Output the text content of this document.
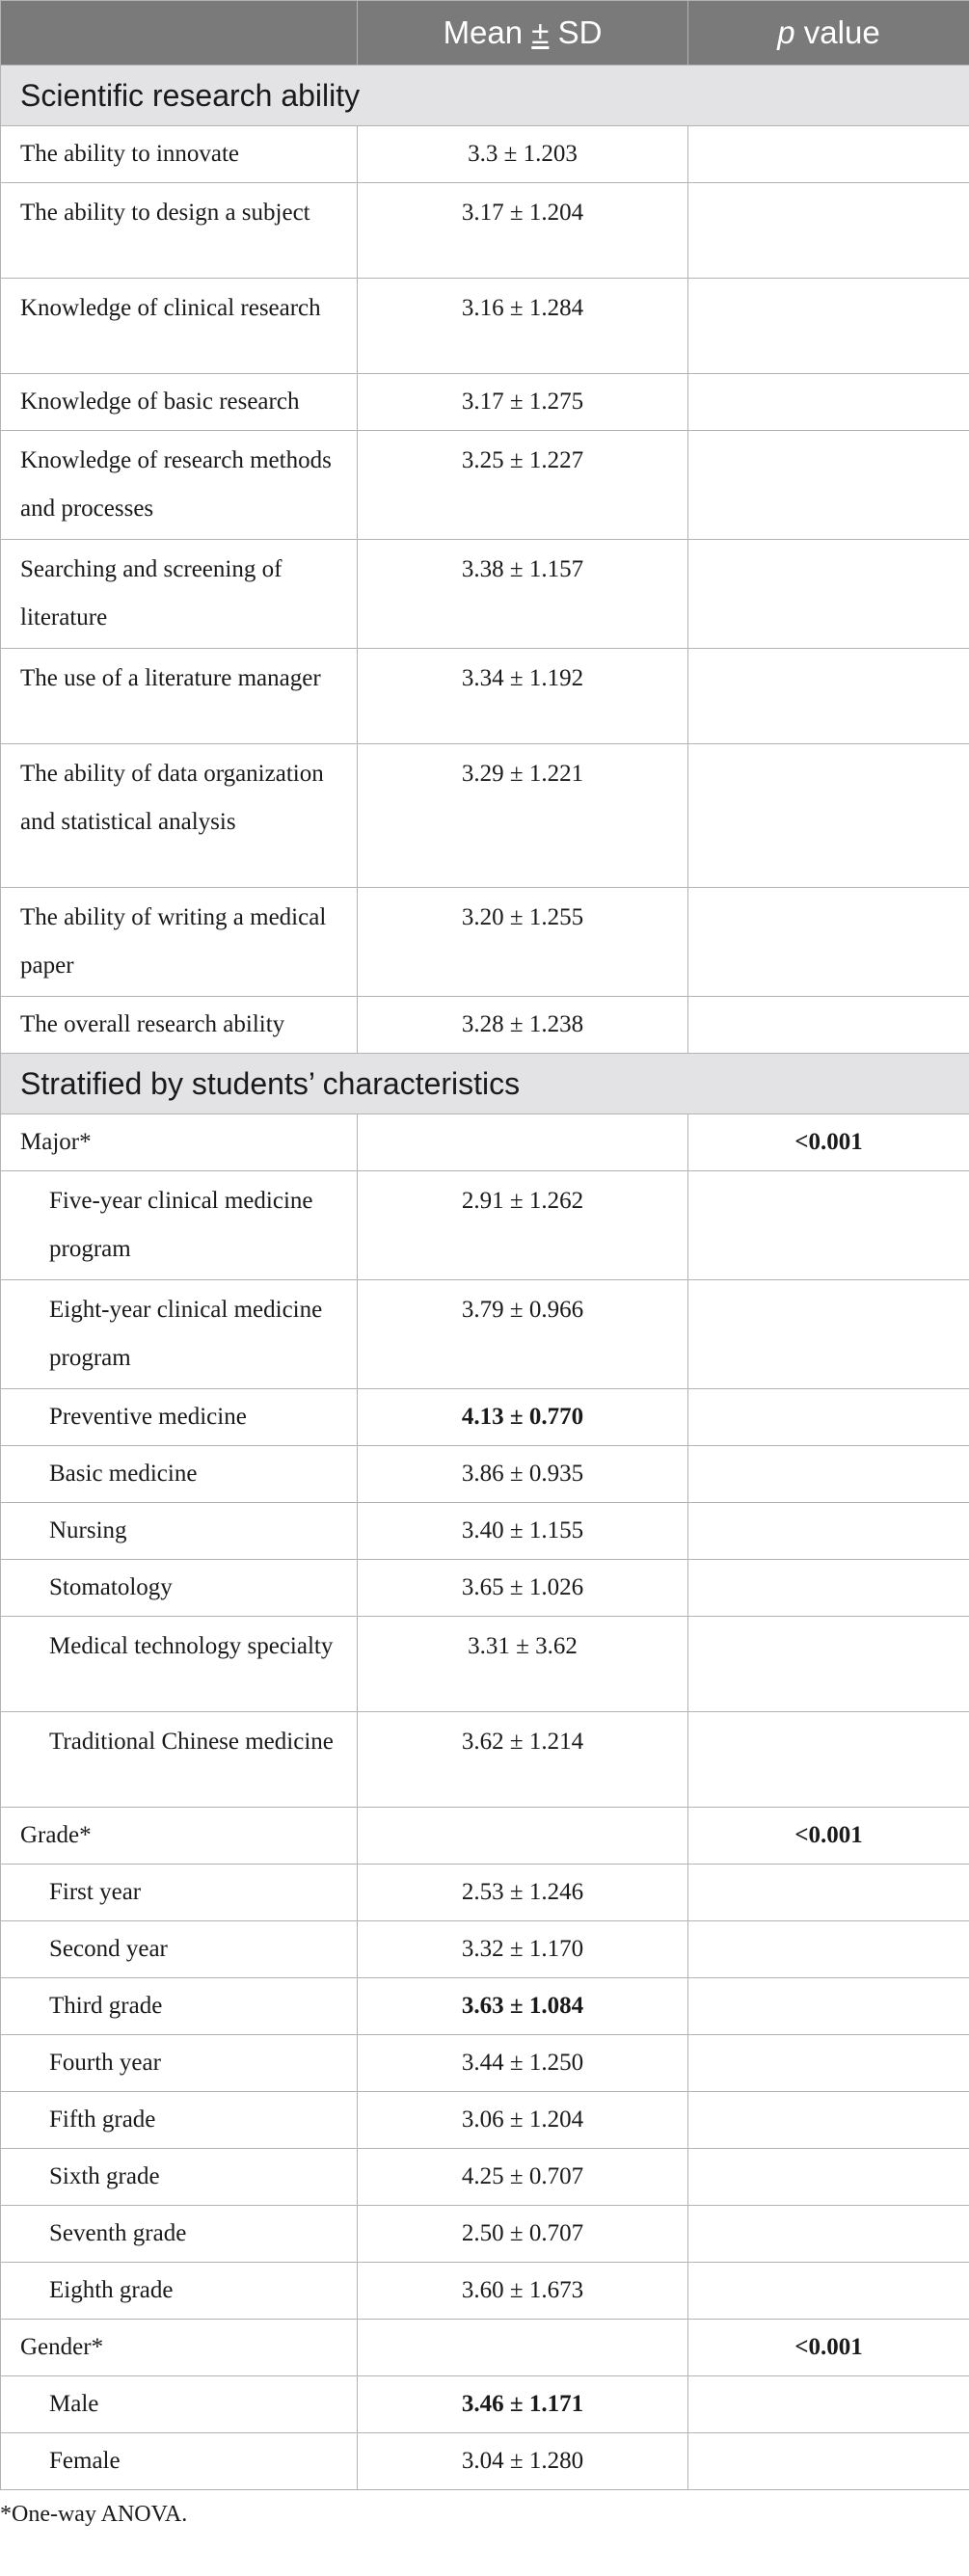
	Mean ± SD	p value
Scientific research ability		
The ability to innovate	3.3 ± 1.203	
The ability to design a subject	3.17 ± 1.204	
Knowledge of clinical research	3.16 ± 1.284	
Knowledge of basic research	3.17 ± 1.275	
Knowledge of research methods and processes	3.25 ± 1.227	
Searching and screening of literature	3.38 ± 1.157	
The use of a literature manager	3.34 ± 1.192	
The ability of data organization and statistical analysis	3.29 ± 1.221	
The ability of writing a medical paper	3.20 ± 1.255	
The overall research ability	3.28 ± 1.238	
Stratified by students’ characteristics		
Major*		<0.001
Five-year clinical medicine program	2.91 ± 1.262	
Eight-year clinical medicine program	3.79 ± 0.966	
Preventive medicine	4.13 ± 0.770	
Basic medicine	3.86 ± 0.935	
Nursing	3.40 ± 1.155	
Stomatology	3.65 ± 1.026	
Medical technology specialty	3.31 ± 3.62	
Traditional Chinese medicine	3.62 ± 1.214	
Grade*		<0.001
First year	2.53 ± 1.246	
Second year	3.32 ± 1.170	
Third grade	3.63 ± 1.084	
Fourth year	3.44 ± 1.250	
Fifth grade	3.06 ± 1.204	
Sixth grade	4.25 ± 0.707	
Seventh grade	2.50 ± 0.707	
Eighth grade	3.60 ± 1.673	
Gender*		<0.001
Male	3.46 ± 1.171	
Female	3.04 ± 1.280	
*One-way ANOVA.
